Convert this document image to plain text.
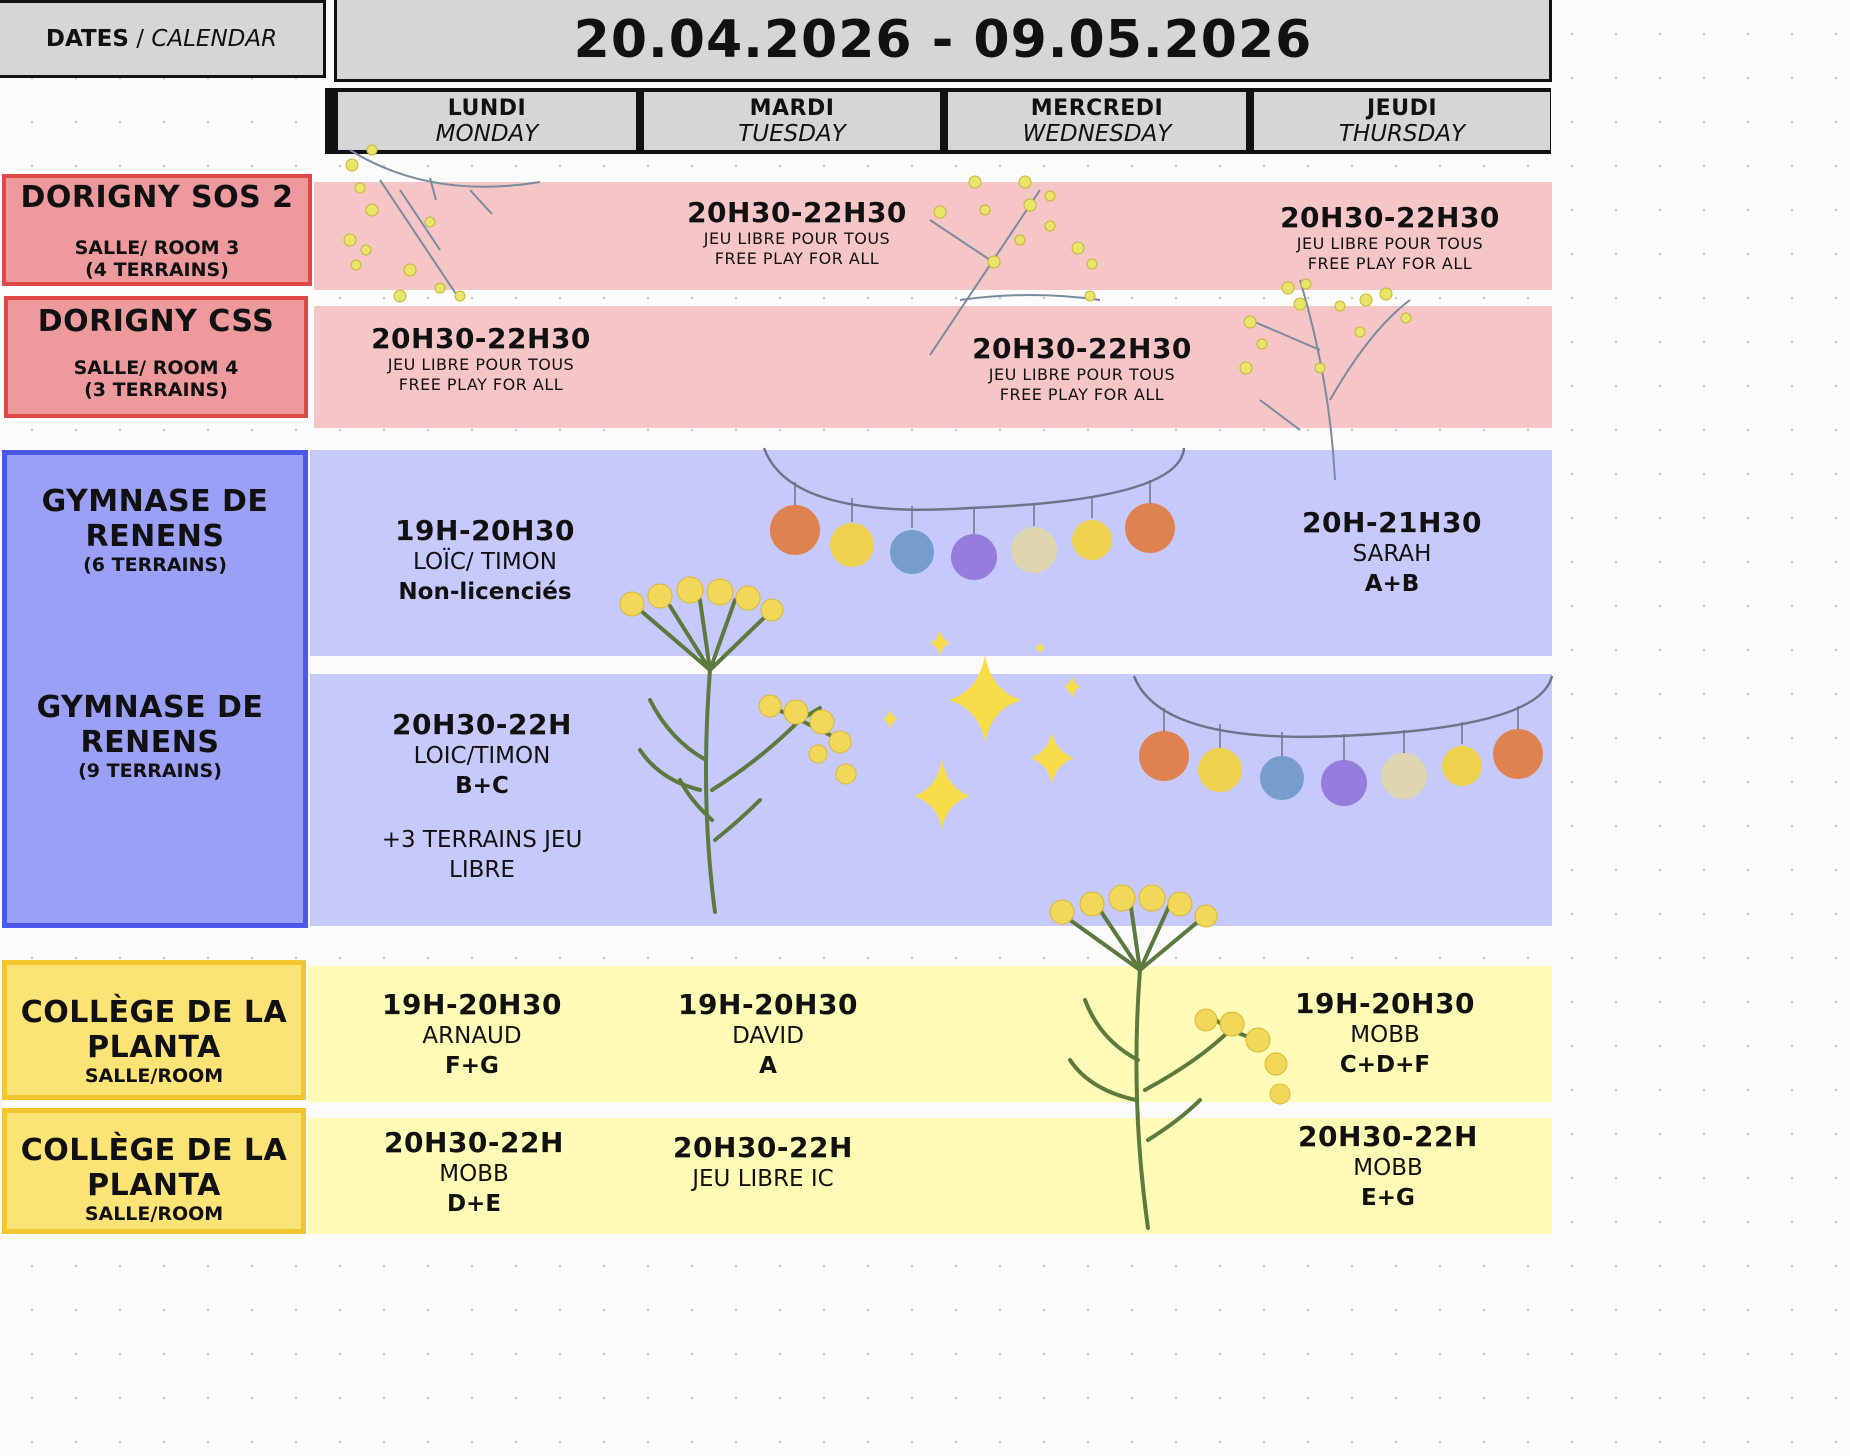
DATES / CALENDAR	20.04.2026 - 09.05.2026
LUNDI
MONDAY
MARDI
TUESDAY
MERCREDI
WEDNESDAY
JEUDI
THURSDAY
DORIGNY SOS 2
SALLE/ ROOM 3
(4 TERRAINS)
DORIGNY CSS
SALLE/ ROOM 4
(3 TERRAINS)
GYMNASE DE
RENENS
(6 TERRAINS)
GYMNASE DE
RENENS
(9 TERRAINS)
COLLÈGE DE LA
PLANTA
SALLE/ROOM
COLLÈGE DE LA
PLANTA
SALLE/ROOM
20H30-22H30
JEU LIBRE POUR TOUS
FREE PLAY FOR ALL
20H30-22H30
JEU LIBRE POUR TOUS
FREE PLAY FOR ALL
20H30-22H30
JEU LIBRE POUR TOUS
FREE PLAY FOR ALL
20H30-22H30
JEU LIBRE POUR TOUS
FREE PLAY FOR ALL
19H-20H30
LOÏC/ TIMON
Non-licenciés
20H-21H30
SARAH
A+B
20H30-22H
LOIC/TIMON
B+C
+3 TERRAINS JEU
LIBRE
19H-20H30
ARNAUD
F+G
19H-20H30
DAVID
A
19H-20H30
MOBB
C+D+F
20H30-22H
MOBB
D+E
20H30-22H
JEU LIBRE IC
20H30-22H
MOBB
E+G
